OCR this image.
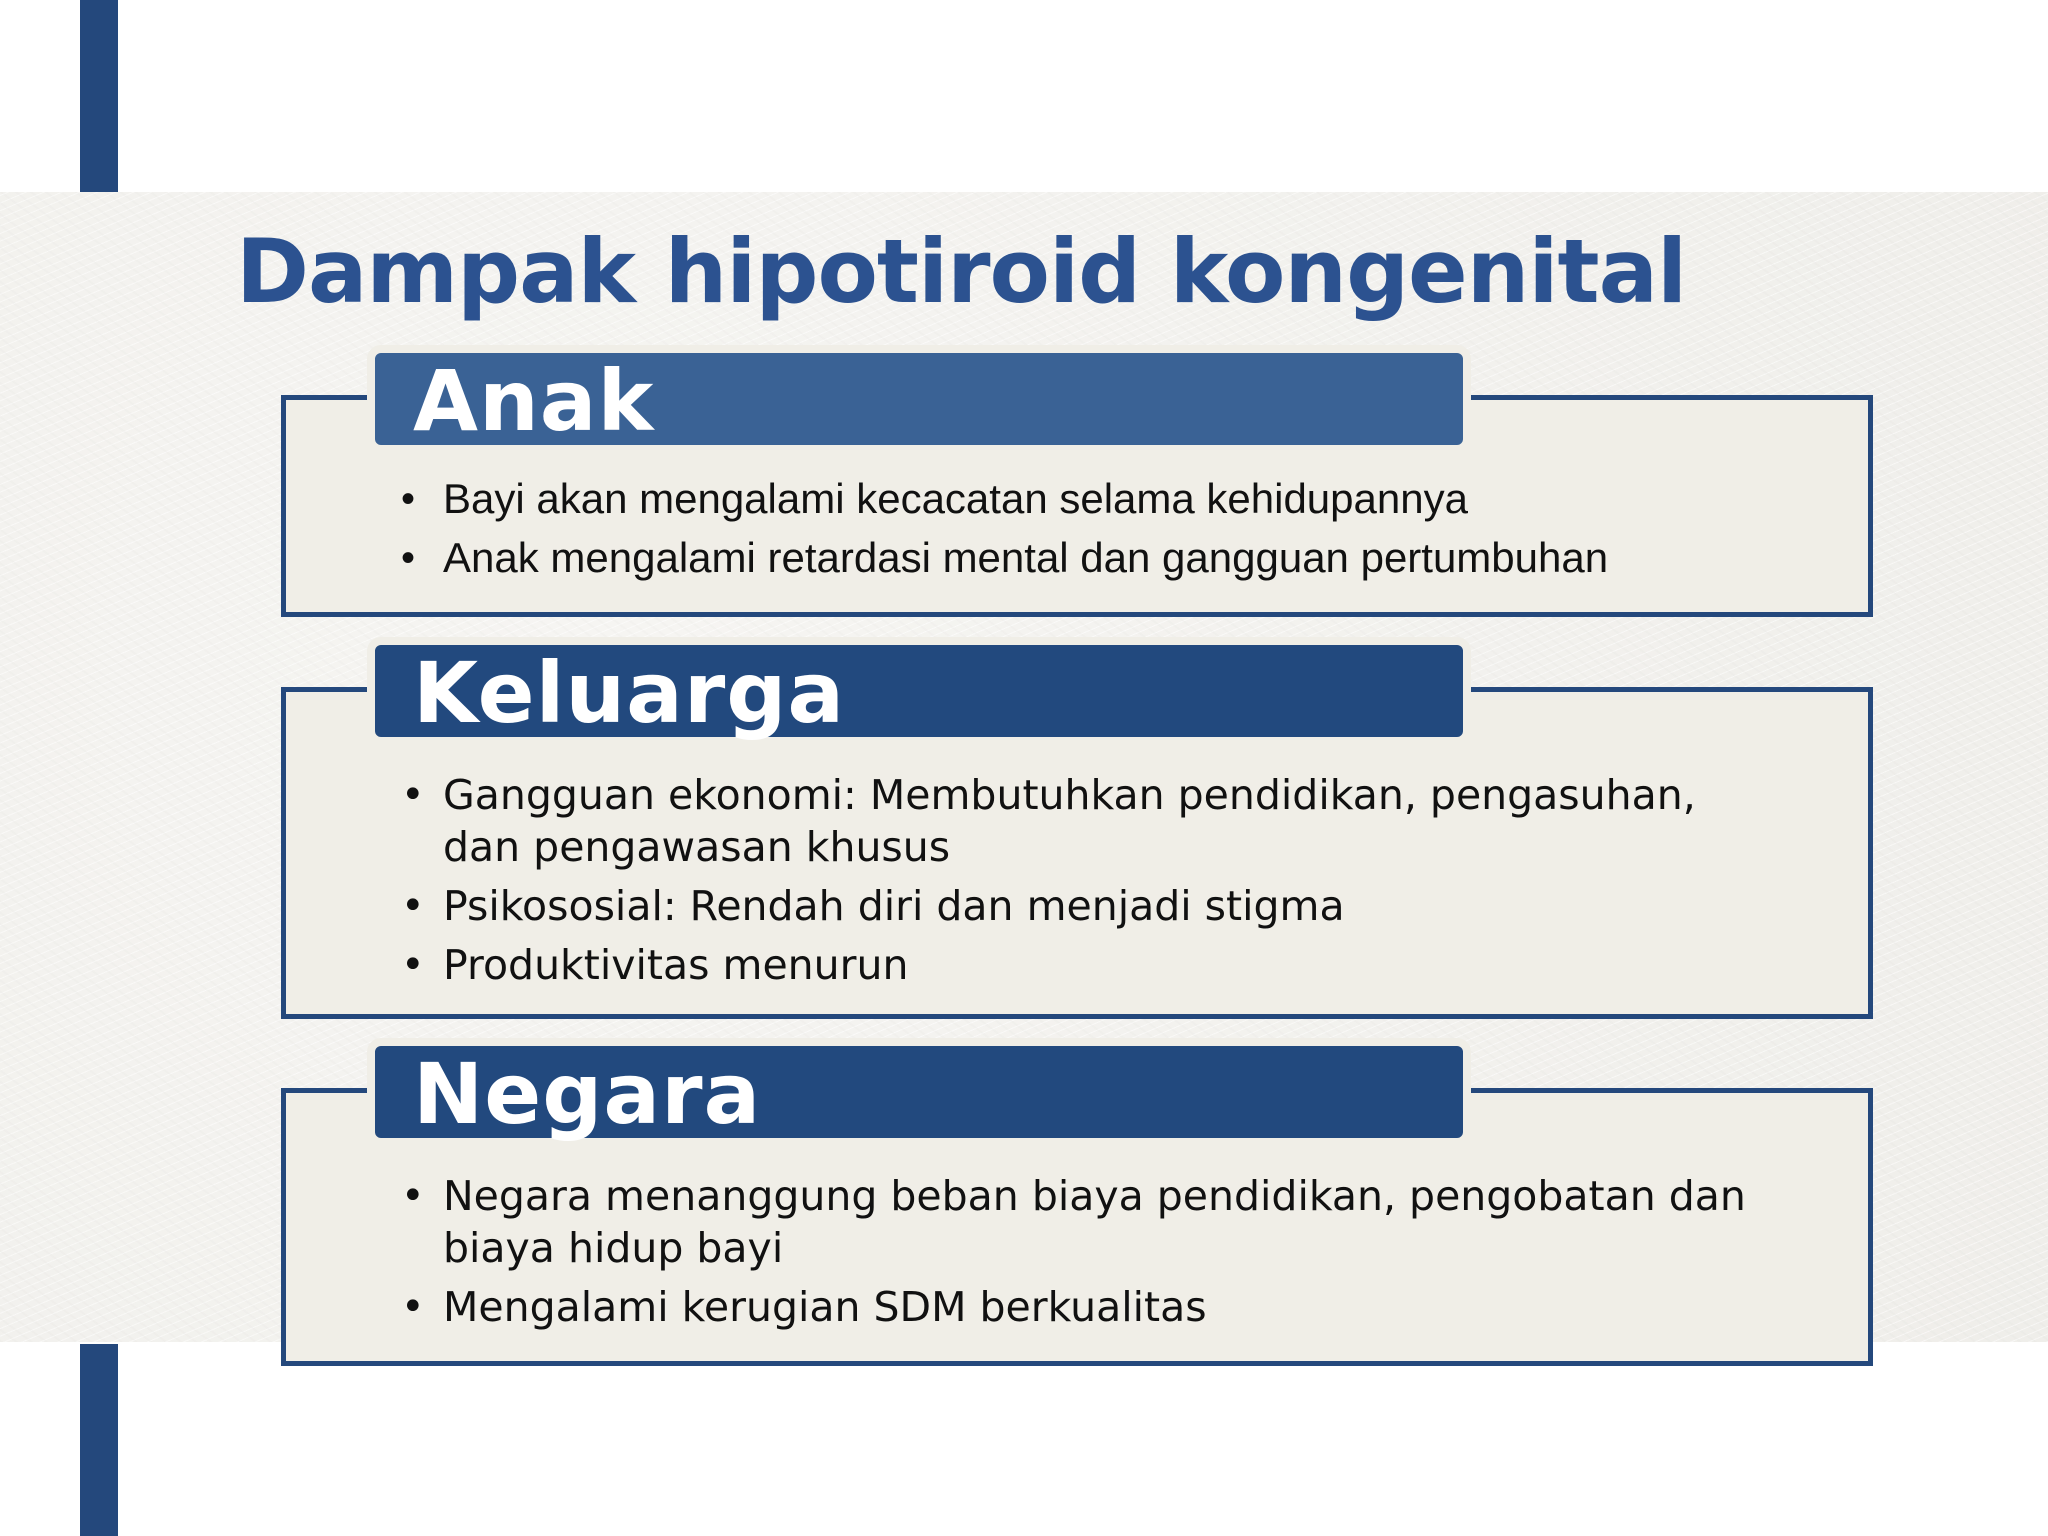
Dampak hipotiroid kongenital
Anak
• Bayi akan mengalami kecacatan selama kehidupannya
• Anak mengalami retardasi mental dan gangguan pertumbuhan
Keluarga
• Gangguan ekonomi: Membutuhkan pendidikan, pengasuhan, dan pengawasan khusus
• Psikososial: Rendah diri dan menjadi stigma
• Produktivitas menurun
Negara
• Negara menanggung beban biaya pendidikan, pengobatan dan biaya hidup bayi
• Mengalami kerugian SDM berkualitas
